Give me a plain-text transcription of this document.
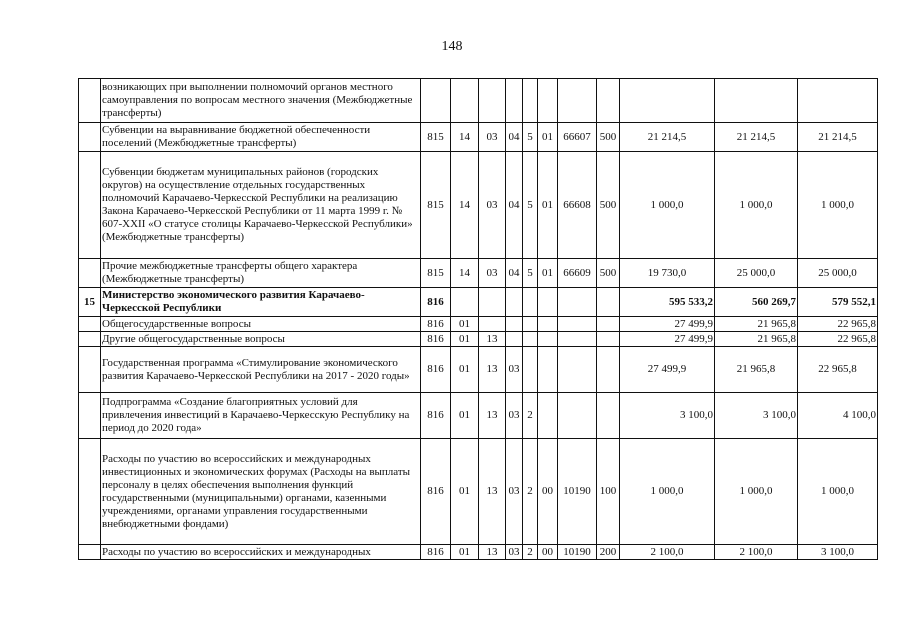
148
	возникающих при выполнении полномочий органов местного самоуправления по вопросам местного значения (Межбюджетные трансферты)											
	Субвенции на выравнивание бюджетной обеспеченности поселений (Межбюджетные трансферты)	815	14	03	04	5	01	66607	500	21 214,5	21 214,5	21 214,5
	Субвенции бюджетам муниципальных районов (городских округов) на осуществление отдельных государственных полномочий Карачаево-Черкесской Республики на реализацию Закона Карачаево-Черкесской Республики от 11 марта 1999 г. № 607-XXII «О статусе столицы Карачаево-Черкесской Республики» (Межбюджетные трансферты)	815	14	03	04	5	01	66608	500	1 000,0	1 000,0	1 000,0
	Прочие межбюджетные трансферты общего характера (Межбюджетные трансферты)	815	14	03	04	5	01	66609	500	19 730,0	25 000,0	25 000,0
15	Министерство экономического развития Карачаево-Черкесской Республики	816								595 533,2	560 269,7	579 552,1
	Общегосударственные вопросы	816	01							27 499,9	21 965,8	22 965,8
	Другие общегосударственные вопросы	816	01	13						27 499,9	21 965,8	22 965,8
	Государственная программа «Стимулирование экономического развития Карачаево-Черкесской Республики на 2017 - 2020 годы»	816	01	13	03					27 499,9	21 965,8	22 965,8
	Подпрограмма «Создание благоприятных условий для привлечения инвестиций в Карачаево-Черкесскую Республику на период до 2020 года»	816	01	13	03	2				3 100,0	3 100,0	4 100,0
	Расходы по участию во всероссийских и международных инвестиционных и экономических форумах (Расходы на выплаты персоналу в целях обеспечения выполнения функций государственными (муниципальными) органами, казенными учреждениями, органами управления государственными внебюджетными фондами)	816	01	13	03	2	00	10190	100	1 000,0	1 000,0	1 000,0
	Расходы по участию во всероссийских и международных	816	01	13	03	2	00	10190	200	2 100,0	2 100,0	3 100,0
